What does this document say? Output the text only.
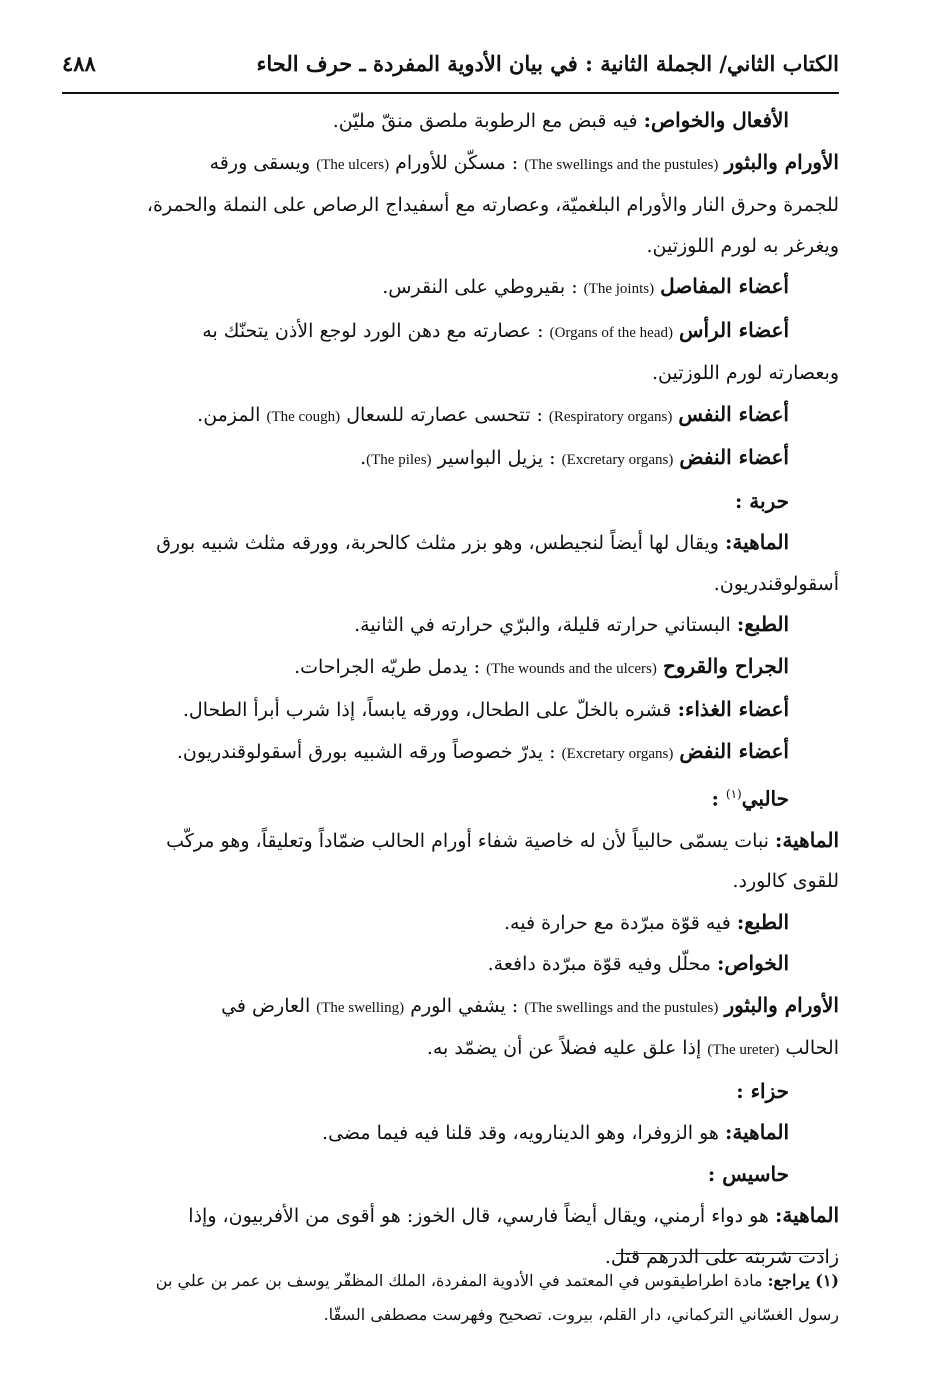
الكتاب الثاني/ الجملة الثانية : في بيان الأدوية المفردة ـ حرف الحاء
٤٨٨

الأفعال والخواص: فيه قبض مع الرطوبة ملصق منقّ مليّن.

الأورام والبثور (The swellings and the pustules) : مسكّن للأورام (The ulcers) ويسقى ورقه

للجمرة وحرق النار والأورام البلغميّة، وعصارته مع أسفيداج الرصاص على النملة والحمرة،

ويغرغر به لورم اللوزتين.

أعضاء المفاصل (The joints) : بقيروطي على النقرس.

أعضاء الرأس (Organs of the head) : عصارته مع دهن الورد لوجع الأذن يتحنّك به

وبعصارته لورم اللوزتين.

أعضاء النفس (Respiratory organs) : تتحسى عصارته للسعال (The cough) المزمن.

أعضاء النفض (Excretary organs) : يزيل البواسير (The piles).

حربة :

الماهية: ويقال لها أيضاً لنجيطس، وهو بزر مثلث كالحربة، وورقه مثلث شبيه بورق

أسقولوقندريون.

الطبع: البستاني حرارته قليلة، والبرّي حرارته في الثانية.

الجراح والقروح (The wounds and the ulcers) : يدمل طريّه الجراحات.

أعضاء الغذاء: قشره بالخلّ على الطحال، وورقه يابساً، إذا شرب أبرأ الطحال.

أعضاء النفض (Excretary organs) : يدرّ خصوصاً ورقه الشبيه بورق أسقولوقندريون.

حالبي$^{(١)}$ :

الماهية: نبات يسمّى حالبياً لأن له خاصية شفاء أورام الحالب ضمّاداً وتعليقاً، وهو مركّب

للقوى كالورد.

الطبع: فيه قوّة مبرّدة مع حرارة فيه.

الخواص: محلّل وفيه قوّة مبرّدة دافعة.

الأورام والبثور (The swellings and the pustules) : يشفي الورم (The swelling) العارض في

الحالب (The ureter) إذا علق عليه فضلاً عن أن يضمّد به.

حزاء :

الماهية: هو الزوفرا، وهو الدينارويه، وقد قلنا فيه فيما مضى.

حاسيس :

الماهية: هو دواء أرمني، ويقال أيضاً فارسي، قال الخوز: هو أقوى من الأفربيون، وإذا

زادت شربته على الدرهم قتل.

(١) يراجع: مادة اطراطيقوس في المعتمد في الأدوية المفردة، الملك المظفّر يوسف بن عمر بن علي بن

رسول الغسّاني التركماني، دار القلم، بيروت. تصحيح وفهرست مصطفى السقّا.
